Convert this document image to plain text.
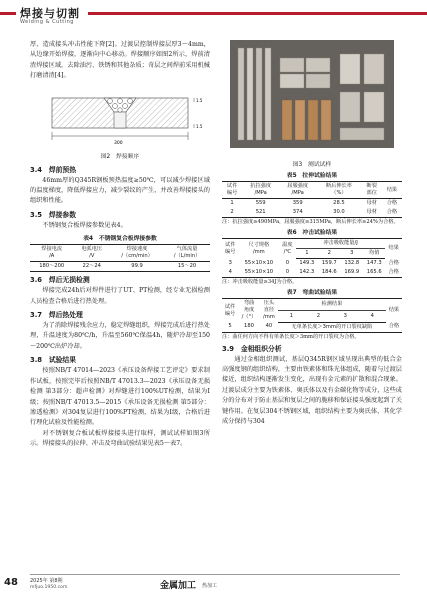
焊接与切割
Welding & Cutting

厚，造成接头冲击性能下降[2]。过渡层控制焊接层厚3～4mm，从边缘开始焊接，逐渐向中心移动。焊接顺序如图2所示，焊前清渣焊接区域，去除油污、铁锈和其他杂质；奇层之间焊前采用机械打磨清渣[4]。

1.5
1.5
300
图2　焊接顺序
3.4　焊前预热

46mm厚的Q345R钢板预热温度≥50℃，可以减少焊接区域的温度梯度，降低焊接应力，减少裂纹的产生，并改善焊接接头的组织和性能。

3.5　焊接参数

不锈钢复合板焊接参数见表4。

表4　不锈钢复合板焊接参数
焊接电流
/A	电弧电压
/V	焊接速度
/（cm/min）	气体流量
/（L/min）
180～200	22～24	99.9	15～20
3.6　焊后无损检测

焊接完成24h后对焊件进行了UT、PT检测，经专业无损检测人员检查合格后进行热处理。

3.7　焊后热处理

为了消除焊接残余应力，稳定焊缝组织，焊接完成后进行热处理，升温速度为80℃/h，升温至560℃保温4h，随炉冷却至150～200℃出炉冷却。

3.8　试验结果

按照NB/T 47014—2023《承压设备焊接工艺评定》要求制作试板，按照完毕后按照NB/T 47013.3—2023《承压设备无损检测 第3部分：超声检测》对焊缝进行100%UT检测，结果为Ⅰ级；按照NB/T 47013.5—2015《承压设备无损检测 第5部分：渗透检测》对304复层进行100%PT检测，结果为Ⅰ级，合格后进行理化试验及性能检测。

对不锈钢复合板试板焊接接头进行取样，测试试样如图3所示。焊接接头的拉伸、冲击及弯曲试验结果见表5～表7。

图3　测试试样
表5　拉伸试验结果
试件
编号	抗拉强度
/MPa	屈服强度
/MPa	断后伸长率
（%）	断裂
部位	结果
1	559	359	28.5	母材	合格
2	521	374	30.0	母材	合格
注：抗拉强度≥490MPa，屈服强度≥315MPa，断后伸长率≥24%为合格。
表6　冲击试验结果
试件
编号	尺寸规格
/mm	温度
/℃	冲击吸收能量/J				结果
			1	2	3	均值	
3	55×10×10	0	149.3	159.7	132.8	147.3	合格
4	55×10×10	0	142.3	184.6	169.9	165.6	合格
注：冲击吸收能量≥34J为合格。
表7　弯曲试验结果
试件
编号	弯曲
角度
/（°）	压头
直径
/mm	检测结果				结果
			1	2	3	4	
5	180	40	无单条长度＞3mm的开口裂纹缺陷				合格
注：曲任何方向不得有单条长度＞3mm的开口裂纹为合格。
3.9　金相组织分析

通过金相组织测试，基层Q345R钢区域呈现出典型的低合金高强度钢的组织结构，主要由铁素体和珠光体组成，随着与过渡层接近，组织结构逐渐发生变化，出现有金元素的扩散和混合现象。过渡层成分主要为铁素体、奥氏体以及有金碳化物等成分，这些成分的分布对于防止基层和复层之间的脆移和保证接头强度起到了关键作用。在复层304不锈钢区域，组织结构主要为奥氏体，其化学成分保持与304

48 2025年 第8期
mfjuo.1950.com	金属加工 热加工
